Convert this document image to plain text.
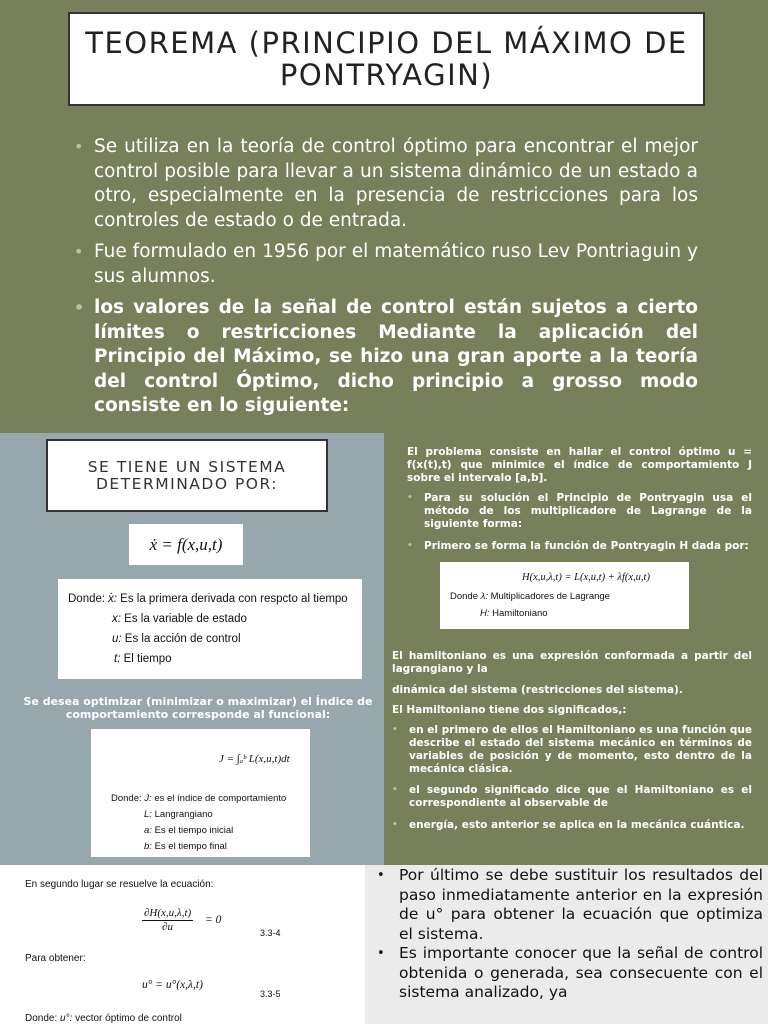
TEOREMA (PRINCIPIO DEL MÁXIMO DE PONTRYAGIN)
• Se utiliza en la teoría de control óptimo para encontrar el mejor control posible para llevar a un sistema dinámico de un estado a otro, especialmente en la presencia de restricciones para los controles de estado o de entrada.
• Fue formulado en 1956 por el matemático ruso Lev Pontriaguin y sus alumnos.
• los valores de la señal de control están sujetos a cierto límites o restricciones Mediante la aplicación del Principio del Máximo, se hizo una gran aporte a la teoría del control Óptimo, dicho principio a grosso modo consiste en lo siguiente:
SE TIENE UN SISTEMA DETERMINADO POR:
ẋ = f(x,u,t)
Donde: ẋ: Es la primera derivada con respcto al tiempo
x: Es la variable de estado
u: Es la acción de control
t: El tiempo
Se desea optimizar (minimizar o maximizar) el Índice de comportamiento corresponde al funcional:
J = ∫ₐᵇ L(x,u,t)dt
Donde: J: es el índice de comportamiento
L: Langrangiano
a: Es el tiempo inicial
b: Es el tiempo final
El problema consiste en hallar el control óptimo u = f(x(t),t) que minimice el índice de comportamiento J sobre el intervalo [a,b].
• Para su solución el Principio de Pontryagin usa el método de los multiplicadore de Lagrange de la siguiente forma:
• Primero se forma la función de Pontryagin H dada por:
H(x,u,λ,t) = L(x,u,t) + λf(x,u,t)
Donde λ: Multiplicadores de Lagrange
H: Hamiltoniano
El hamiltoniano es una expresión conformada a partir del lagrangiano y la
dinámica del sistema (restricciones del sistema).
El Hamiltoniano tiene dos significados,:
• en el primero de ellos el Hamiltoniano es una función que describe el estado del sistema mecánico en términos de variables de posición y de momento, esto dentro de la mecánica clásica.
• el segundo significado dice que el Hamiltoniano es el correspondiente al observable de
• energía, esto anterior se aplica en la mecánica cuántica.
En segundo lugar se resuelve la ecuación:
$\frac{\partial H(x,u,\lambda,t)}{\partial u} = 0$
3.3-4
Para obtener:
u° = u°(x,λ,t)
3.3-5
Donde: u°: vector óptimo de control
• Por último se debe sustituir los resultados del paso inmediatamente anterior en la expresión de u° para obtener la ecuación que optimiza el sistema.
• Es importante conocer que la señal de control obtenida o generada, sea consecuente con el sistema analizado, ya
